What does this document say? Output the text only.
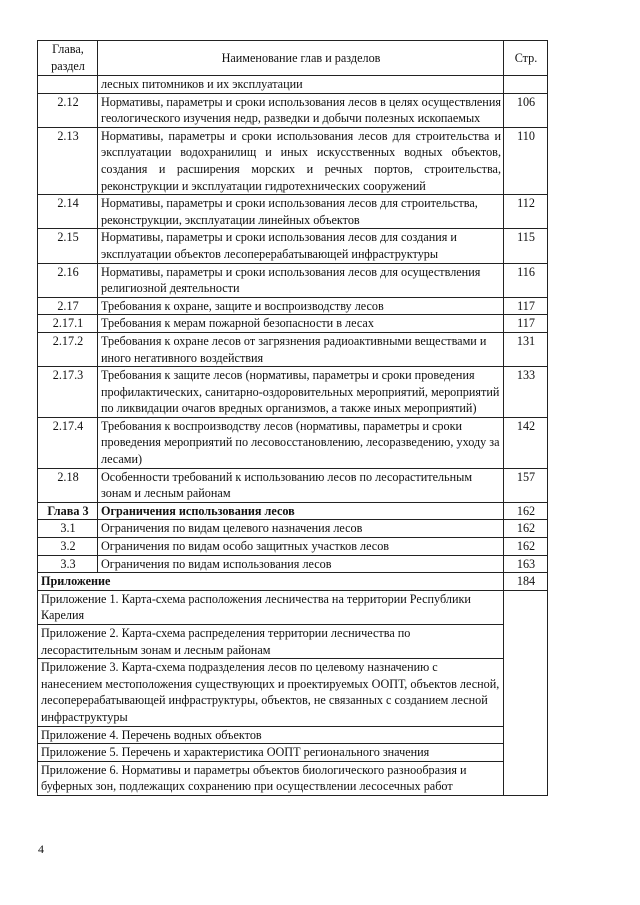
Глава,
раздел	Наименование глав и разделов	Стр.
	лесных питомников и их эксплуатации	
2.12	Нормативы, параметры и сроки использования лесов в целях осуществления геологического изучения недр, разведки и добычи полезных ископаемых	106
2.13	Нормативы, параметры и сроки использования лесов для строительства и эксплуатации водохранилищ и иных искусственных водных объектов, создания и расширения морских и речных портов, строительства, реконструкции и эксплуатации гидротехнических сооружений	110
2.14	Нормативы, параметры и сроки использования лесов для строительства, реконструкции, эксплуатации линейных объектов	112
2.15	Нормативы, параметры и сроки использования лесов для создания и эксплуатации объектов лесоперерабатывающей инфраструктуры	115
2.16	Нормативы, параметры и сроки использования лесов для осуществления религиозной деятельности	116
2.17	Требования к охране, защите и воспроизводству лесов	117
2.17.1	Требования к мерам пожарной безопасности в лесах	117
2.17.2	Требования к охране лесов от загрязнения радиоактивными веществами и иного негативного воздействия	131
2.17.3	Требования к защите лесов (нормативы, параметры и сроки проведения профилактических, санитарно-оздоровительных мероприятий, мероприятий по ликвидации очагов вредных организмов, а также иных мероприятий)	133
2.17.4	Требования к воспроизводству лесов (нормативы, параметры и сроки проведения мероприятий по лесовосстановлению, лесоразведению, уходу за лесами)	142
2.18	Особенности требований к использованию лесов по лесорастительным зонам и лесным районам	157
Глава 3	Ограничения использования лесов	162
3.1	Ограничения по видам целевого назначения лесов	162
3.2	Ограничения по видам особо защитных участков лесов	162
3.3	Ограничения по видам использования лесов	163
Приложение		184
Приложение 1. Карта-схема расположения лесничества на территории Республики Карелия		
Приложение 2. Карта-схема распределения территории лесничества по лесорастительным зонам и лесным районам		
Приложение 3. Карта-схема подразделения лесов по целевому назначению с нанесением местоположения существующих и проектируемых ООПТ, объектов лесной, лесоперерабатывающей инфраструктуры, объектов, не связанных с созданием лесной инфраструктуры		
Приложение 4. Перечень водных объектов		
Приложение 5. Перечень и характеристика ООПТ регионального значения		
Приложение 6. Нормативы и параметры объектов биологического разнообразия и буферных зон, подлежащих сохранению при осуществлении лесосечных работ		
4
